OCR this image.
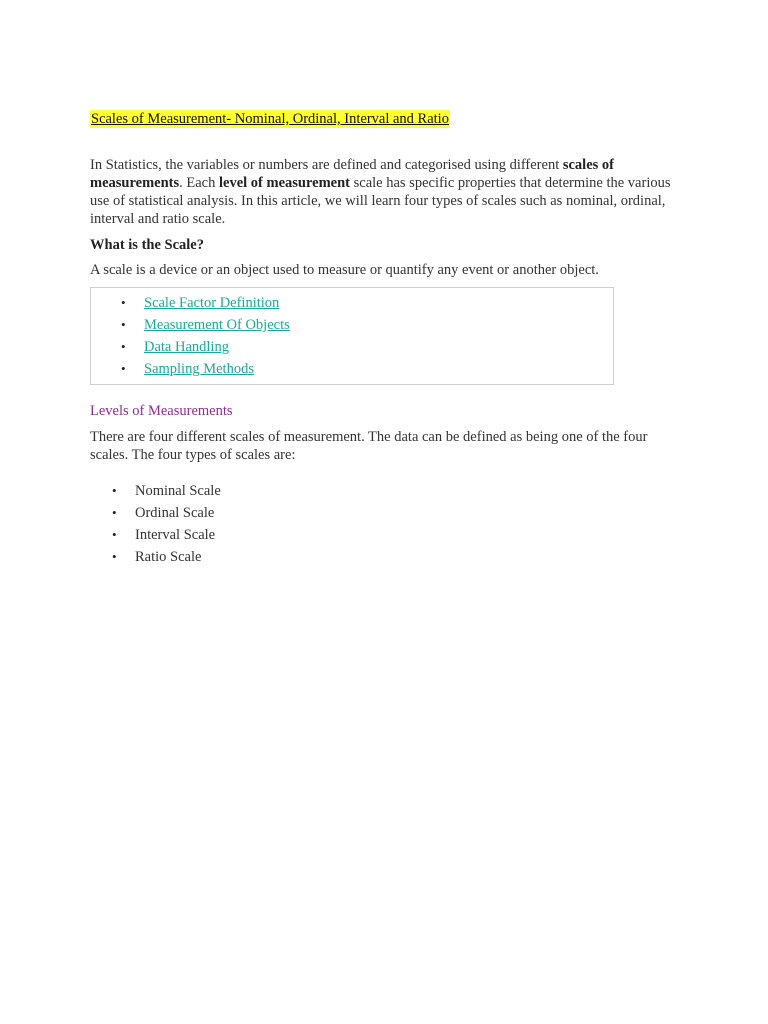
Scales of Measurement- Nominal, Ordinal, Interval and Ratio

In Statistics, the variables or numbers are defined and categorised using different scales of measurements. Each level of measurement scale has specific properties that determine the various use of statistical analysis. In this article, we will learn four types of scales such as nominal, ordinal, interval and ratio scale.

What is the Scale?
A scale is a device or an object used to measure or quantify any event or another object.
• Scale Factor Definition
• Measurement Of Objects
• Data Handling
• Sampling Methods
Levels of Measurements

There are four different scales of measurement. The data can be defined as being one of the four scales. The four types of scales are:

• Nominal Scale
• Ordinal Scale
• Interval Scale
• Ratio Scale
